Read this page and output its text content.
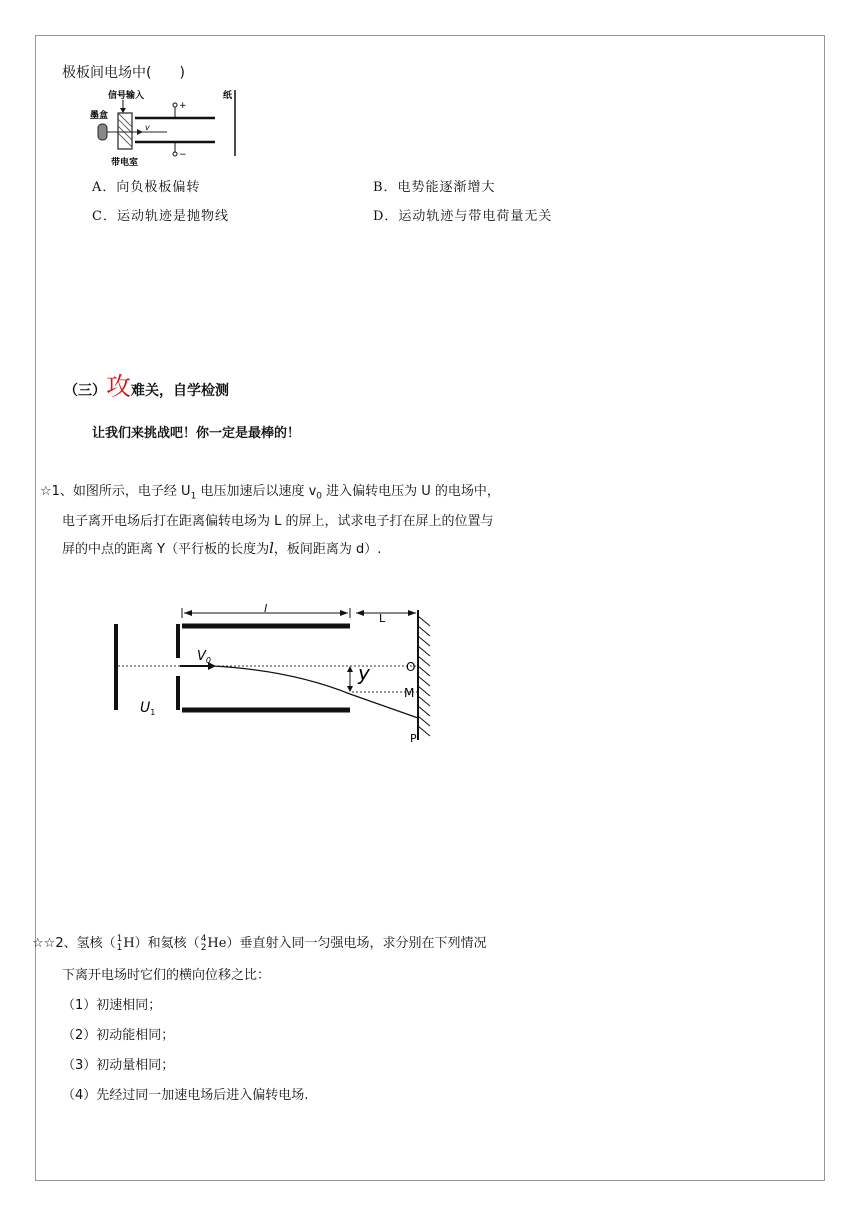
极板间电场中(　　)
信号输入
墨盒
v
+
−
带电室
纸
A．向负极板偏转	B．电势能逐渐增大
C．运动轨迹是抛物线	D．运动轨迹与带电荷量无关
（三）攻难关，自学检测
让我们来挑战吧！你一定是最棒的！
☆1、如图所示，电子经 $U_1$ 电压加速后以速度 $v_0$ 进入偏转电压为 U 的电场中，
电子离开电场后打在距离偏转电场为 L 的屏上，试求电子打在屏上的位置与
屏的中点的距离 Y（平行板的长度为l，板间距离为 d）.
l
L
$V_0$
y	O
M
P
$U_1$
☆☆2、氢核（ 1
1 H）和氦核（ 4
2 He）垂直射入同一匀强电场，求分别在下列情况
下离开电场时它们的横向位移之比：
（1）初速相同；
（2）初动能相同；
（3）初动量相同；
（4）先经过同一加速电场后进入偏转电场.
